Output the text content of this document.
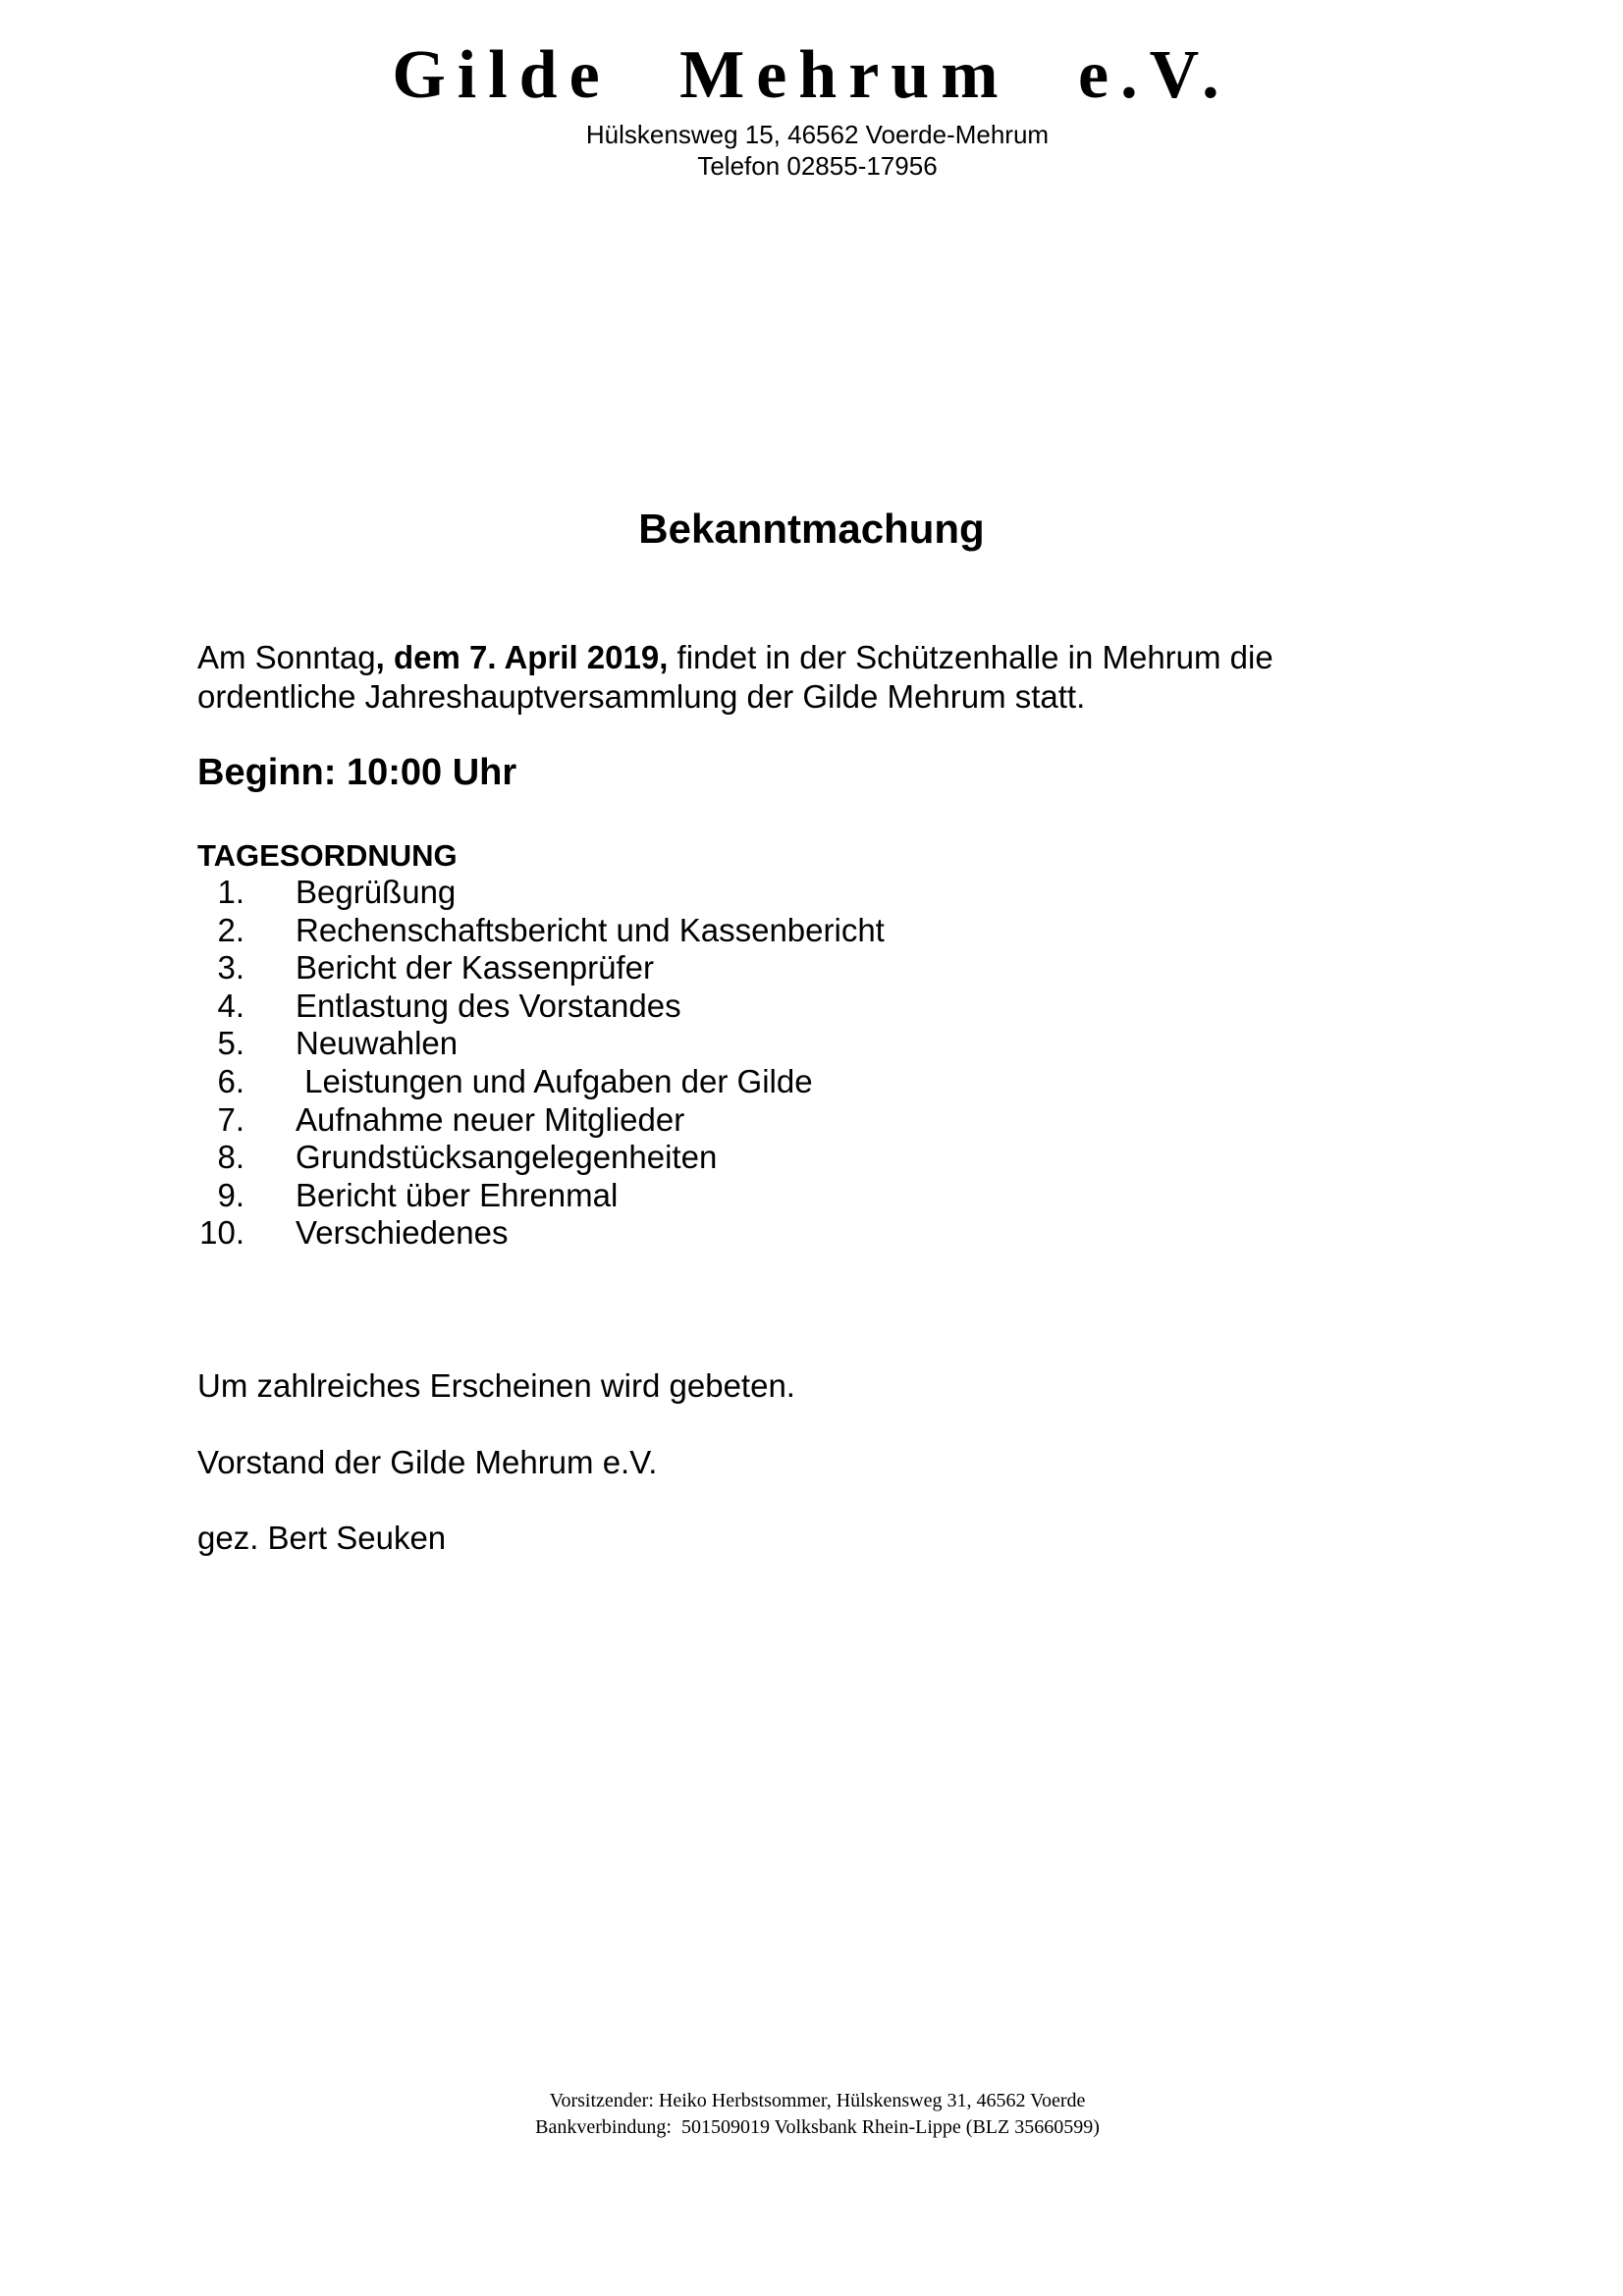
Gilde Mehrum e.V.
Hülskensweg 15, 46562 Voerde-Mehrum
Telefon 02855-17956
Bekanntmachung
Am Sonntag, dem 7. April 2019, findet in der Schützenhalle in Mehrum die ordentliche Jahreshauptversammlung der Gilde Mehrum statt.
Beginn: 10:00 Uhr
TAGESORDNUNG
1. Begrüßung
2. Rechenschaftsbericht und Kassenbericht
3. Bericht der Kassenprüfer
4. Entlastung des Vorstandes
5. Neuwahlen
6. Leistungen und Aufgaben der Gilde
7. Aufnahme neuer Mitglieder
8. Grundstücksangelegenheiten
9. Bericht über Ehrenmal
10. Verschiedenes
Um zahlreiches Erscheinen wird gebeten.
Vorstand der Gilde Mehrum e.V.
gez. Bert Seuken
Vorsitzender: Heiko Herbstsommer, Hülskensweg 31, 46562 Voerde
Bankverbindung:  501509019 Volksbank Rhein-Lippe (BLZ 35660599)
